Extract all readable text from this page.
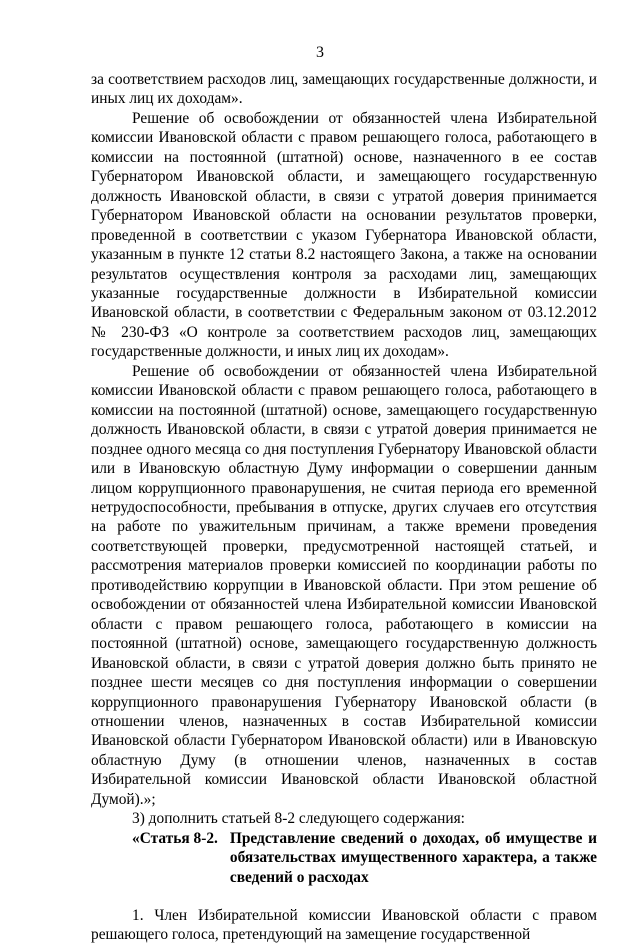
3

за соответствием расходов лиц, замещающих государственные должности, и иных лиц их доходам».

Решение об освобождении от обязанностей члена Избирательной комиссии Ивановской области с правом решающего голоса, работающего в комиссии на постоянной (штатной) основе, назначенного в ее состав Губернатором Ивановской области, и замещающего государственную должность Ивановской области, в связи с утратой доверия принимается Губернатором Ивановской области на основании результатов проверки, проведенной в соответствии с указом Губернатора Ивановской области, указанным в пункте 12 статьи 8.2 настоящего Закона, а также на основании результатов осуществления контроля за расходами лиц, замещающих указанные государственные должности в Избирательной комиссии Ивановской области, в соответствии с Федеральным законом от 03.12.2012 № 230-ФЗ «О контроле за соответствием расходов лиц, замещающих государственные должности, и иных лиц их доходам».

Решение об освобождении от обязанностей члена Избирательной комиссии Ивановской области с правом решающего голоса, работающего в комиссии на постоянной (штатной) основе, замещающего государственную должность Ивановской области, в связи с утратой доверия принимается не позднее одного месяца со дня поступления Губернатору Ивановской области или в Ивановскую областную Думу информации о совершении данным лицом коррупционного правонарушения, не считая периода его временной нетрудоспособности, пребывания в отпуске, других случаев его отсутствия на работе по уважительным причинам, а также времени проведения соответствующей проверки, предусмотренной настоящей статьей, и рассмотрения материалов проверки комиссией по координации работы по противодействию коррупции в Ивановской области. При этом решение об освобождении от обязанностей члена Избирательной комиссии Ивановской области с правом решающего голоса, работающего в комиссии на постоянной (штатной) основе, замещающего государственную должность Ивановской области, в связи с утратой доверия должно быть принято не позднее шести месяцев со дня поступления информации о совершении коррупционного правонарушения Губернатору Ивановской области (в отношении членов, назначенных в состав Избирательной комиссии Ивановской области Губернатором Ивановской области) или в Ивановскую областную Думу (в отношении членов, назначенных в состав Избирательной комиссии Ивановской области Ивановской областной Думой).»;

3) дополнить статьей 8-2 следующего содержания:

«Статья 8-2. Представление сведений о доходах, об имуществе и обязательствах имущественного характера, а также сведений о расходах

1. Член Избирательной комиссии Ивановской области с правом решающего голоса, претендующий на замещение государственной
